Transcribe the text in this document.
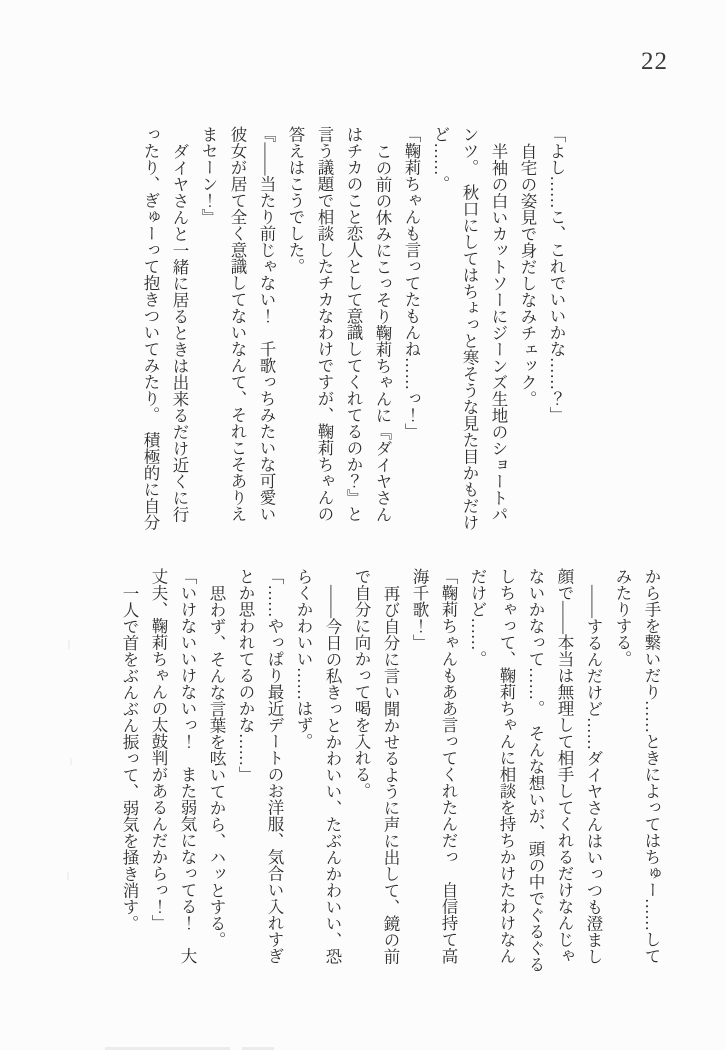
22

「よし……こ、これでいいかな……？」

自宅の姿見で身だしなみチェック。

半袖の白いカットソーにジーンズ生地のショートパ

ンツ。　秋口にしてはちょっと寒そうな見た目かもだけ

ど……。

「鞠莉ちゃんも言ってたもんね……っ！」

この前の休みにこっそり鞠莉ちゃんに『ダイヤさん

はチカのこと恋人として意識してくれてるのか？』と

言う議題で相談したチカなわけですが、鞠莉ちゃんの

答えはこうでした。

『――当たり前じゃない！　千歌っちみたいな可愛い

彼女が居て全く意識してないなんて、それこそありえ

まセーン！』

ダイヤさんと一緒に居るときは出来るだけ近くに行

ったり、ぎゅーって抱きついてみたり。　積極的に自分

から手を繋いだり……ときによってはちゅー……して

みたりする。

――するんだけど……ダイヤさんはいっつも澄まし

顔で――本当は無理して相手してくれるだけなんじゃ

ないかなって……。　そんな想いが、頭の中でぐるぐる

しちゃって、鞠莉ちゃんに相談を持ちかけたわけなん

だけど……。

「鞠莉ちゃんもああ言ってくれたんだっ　自信持て高

海千歌！」

再び自分に言い聞かせるように声に出して、鏡の前

で自分に向かって喝を入れる。

――今日の私きっとかわいい、たぶんかわいい、恐

らくかわいい……はず。

「……やっぱり最近デートのお洋服、気合い入れすぎ

とか思われてるのかな……」

思わず、そんな言葉を呟いてから、ハッとする。

「いけないいけないっ！　また弱気になってる！　大

丈夫、鞠莉ちゃんの太鼓判があるんだからっ！」

一人で首をぶんぶん振って、弱気を掻き消す。
